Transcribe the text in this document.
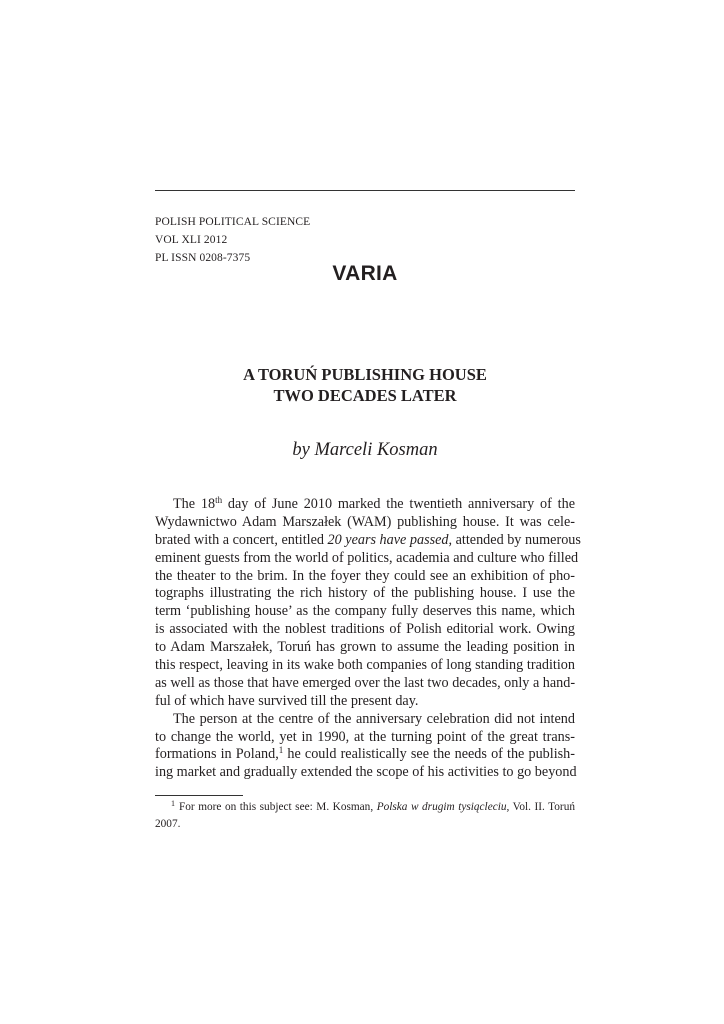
POLISH POLITICAL SCIENCE
VOL XLI 2012
PL ISSN 0208-7375
VARIA
A TORUŃ PUBLISHING HOUSE
TWO DECADES LATER
by Marceli Kosman
The 18th day of June 2010 marked the twentieth anniversary of the
Wydawnictwo Adam Marszałek (WAM) publishing house. It was cele-
brated with a concert, entitled 20 years have passed, attended by numerous
eminent guests from the world of politics, academia and culture who filled
the theater to the brim. In the foyer they could see an exhibition of pho-
tographs illustrating the rich history of the publishing house. I use the
term ‘publishing house’ as the company fully deserves this name, which
is associated with the noblest traditions of Polish editorial work. Owing
to Adam Marszałek, Toruń has grown to assume the leading position in
this respect, leaving in its wake both companies of long standing tradition
as well as those that have emerged over the last two decades, only a hand-
ful of which have survived till the present day.
The person at the centre of the anniversary celebration did not intend
to change the world, yet in 1990, at the turning point of the great trans-
formations in Poland,$^1$ he could realistically see the needs of the publish-
ing market and gradually extended the scope of his activities to go beyond
$^1$ For more on this subject see: M. Kosman, Polska w drugim tysiącleciu, Vol. II. Toruń
2007.
